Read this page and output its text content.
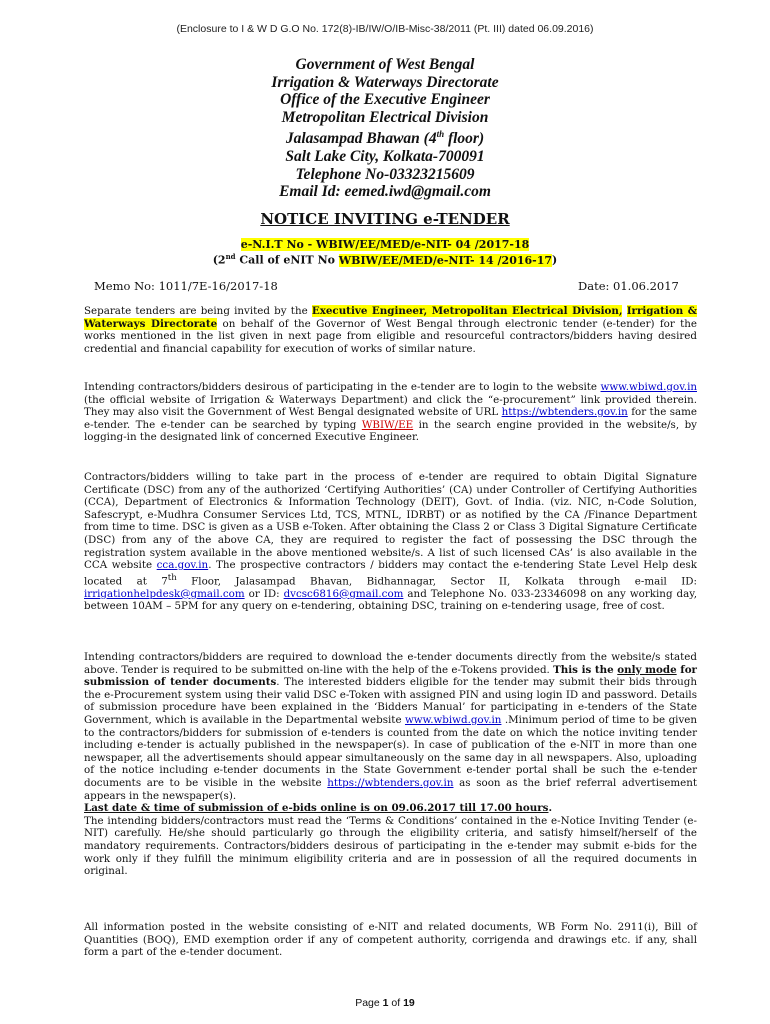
(Enclosure to I & W D G.O No. 172(8)-IB/IW/O/IB-Misc-38/2011 (Pt. III) dated 06.09.2016)
Government of West Bengal
Irrigation & Waterways Directorate
Office of the Executive Engineer
Metropolitan Electrical Division
Jalasampad Bhawan (4th floor)
Salt Lake City, Kolkata-700091
Telephone No-03323215609
Email Id: eemed.iwd@gmail.com
NOTICE INVITING e-TENDER
e-N.I.T No - WBIW/EE/MED/e-NIT- 04 /2017-18
(2nd Call of eNIT No WBIW/EE/MED/e-NIT- 14 /2016-17)
Memo No: 1011/7E-16/2017-18	Date: 01.06.2017
Separate tenders are being invited by the Executive Engineer, Metropolitan Electrical Division, Irrigation & Waterways Directorate on behalf of the Governor of West Bengal through electronic tender (e-tender) for the works mentioned in the list given in next page from eligible and resourceful contractors/bidders having desired credential and financial capability for execution of works of similar nature.
Intending contractors/bidders desirous of participating in the e-tender are to login to the website www.wbiwd.gov.in (the official website of Irrigation & Waterways Department) and click the “e-procurement” link provided therein. They may also visit the Government of West Bengal designated website of URL https://wbtenders.gov.in for the same e-tender. The e-tender can be searched by typing WBIW/EE in the search engine provided in the website/s, by logging-in the designated link of concerned Executive Engineer.
Contractors/bidders willing to take part in the process of e-tender are required to obtain Digital Signature Certificate (DSC) from any of the authorized ‘Certifying Authorities’ (CA) under Controller of Certifying Authorities (CCA), Department of Electronics & Information Technology (DEIT), Govt. of India. (viz. NIC, n-Code Solution, Safescrypt, e-Mudhra Consumer Services Ltd, TCS, MTNL, IDRBT) or as notified by the CA /Finance Department from time to time. DSC is given as a USB e-Token. After obtaining the Class 2 or Class 3 Digital Signature Certificate (DSC) from any of the above CA, they are required to register the fact of possessing the DSC through the registration system available in the above mentioned website/s. A list of such licensed CAs’ is also available in the CCA website cca.gov.in. The prospective contractors / bidders may contact the e-tendering State Level Help desk located at 7th Floor, Jalasampad Bhavan, Bidhannagar, Sector II, Kolkata through e-mail ID: irrigationhelpdesk@gmail.com or ID: dvcsc6816@gmail.com and Telephone No. 033-23346098 on any working day, between 10AM – 5PM for any query on e-tendering, obtaining DSC, training on e-tendering usage, free of cost.
Intending contractors/bidders are required to download the e-tender documents directly from the website/s stated above. Tender is required to be submitted on-line with the help of the e-Tokens provided. This is the only mode for submission of tender documents. The interested bidders eligible for the tender may submit their bids through the e-Procurement system using their valid DSC e-Token with assigned PIN and using login ID and password. Details of submission procedure have been explained in the ‘Bidders Manual’ for participating in e-tenders of the State Government, which is available in the Departmental website www.wbiwd.gov.in .Minimum period of time to be given to the contractors/bidders for submission of e-tenders is counted from the date on which the notice inviting tender including e-tender is actually published in the newspaper(s). In case of publication of the e-NIT in more than one newspaper, all the advertisements should appear simultaneously on the same day in all newspapers. Also, uploading of the notice including e-tender documents in the State Government e-tender portal shall be such the e-tender documents are to be visible in the website https://wbtenders.gov.in as soon as the brief referral advertisement appears in the newspaper(s).
Last date & time of submission of e-bids online is on 09.06.2017 till 17.00 hours.
The intending bidders/contractors must read the ‘Terms & Conditions’ contained in the e-Notice Inviting Tender (e-NIT) carefully. He/she should particularly go through the eligibility criteria, and satisfy himself/herself of the mandatory requirements. Contractors/bidders desirous of participating in the e-tender may submit e-bids for the work only if they fulfill the minimum eligibility criteria and are in possession of all the required documents in original.
All information posted in the website consisting of e-NIT and related documents, WB Form No. 2911(i), Bill of Quantities (BOQ), EMD exemption order if any of competent authority, corrigenda and drawings etc. if any, shall form a part of the e-tender document.
Page 1 of 19
